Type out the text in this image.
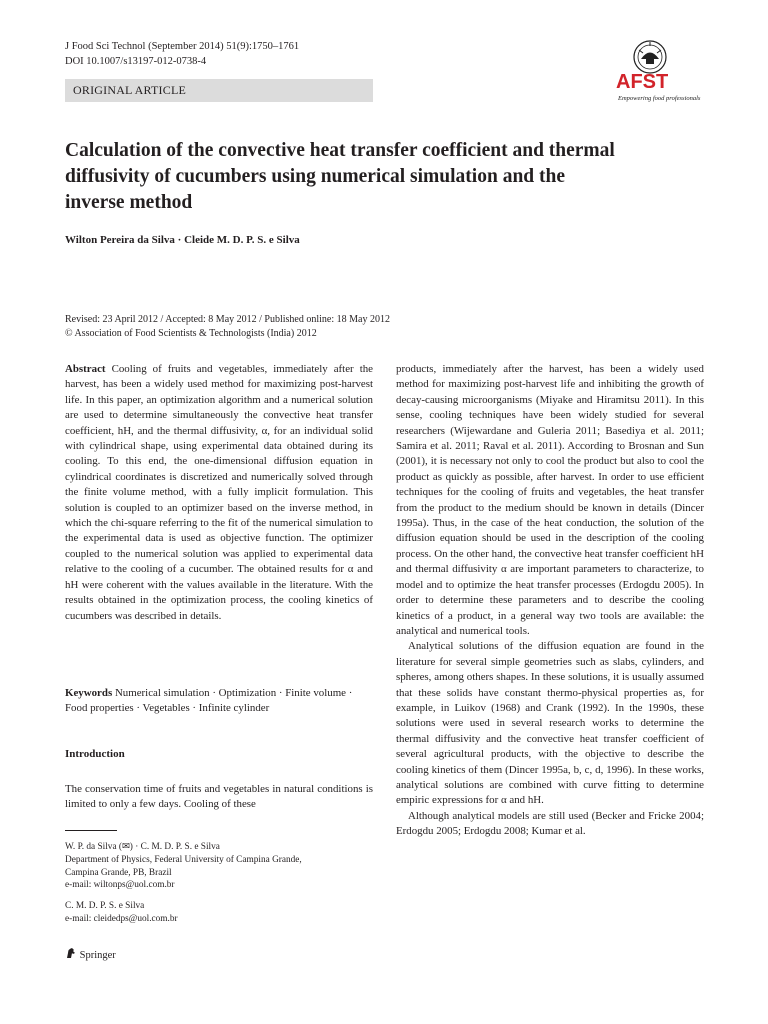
J Food Sci Technol (September 2014) 51(9):1750–1761
DOI 10.1007/s13197-012-0738-4
ORIGINAL ARTICLE	AFST
Empowering food professionals
Calculation of the convective heat transfer coefficient and thermal diffusivity of cucumbers using numerical simulation and the inverse method
Wilton Pereira da Silva · Cleide M. D. P. S. e Silva
Revised: 23 April 2012 / Accepted: 8 May 2012 / Published online: 18 May 2012
© Association of Food Scientists & Technologists (India) 2012
Abstract Cooling of fruits and vegetables, immediately after the harvest, has been a widely used method for maximizing post-harvest life. In this paper, an optimization algorithm and a numerical solution are used to determine simultaneously the convective heat transfer coefficient, hH, and the thermal diffusivity, α, for an individual solid with cylindrical shape, using experimental data obtained during its cooling. To this end, the one-dimensional diffusion equation in cylindrical coordinates is discretized and numerically solved through the finite volume method, with a fully implicit formulation. This solution is coupled to an optimizer based on the inverse method, in which the chi-square referring to the fit of the numerical simulation to the experimental data is used as objective function. The optimizer coupled to the numerical solution was applied to experimental data relative to the cooling of a cucumber. The obtained results for α and hH were coherent with the values available in the literature. With the results obtained in the optimization process, the cooling kinetics of cucumbers was described in details.
Keywords Numerical simulation · Optimization · Finite volume · Food properties · Vegetables · Infinite cylinder
Introduction
The conservation time of fruits and vegetables in natural conditions is limited to only a few days. Cooling of these
W. P. da Silva (✉) · C. M. D. P. S. e Silva
Department of Physics, Federal University of Campina Grande,
Campina Grande, PB, Brazil
e-mail: wiltonps@uol.com.br
C. M. D. P. S. e Silva
e-mail: cleidedps@uol.com.br
Springer

products, immediately after the harvest, has been a widely used method for maximizing post-harvest life and inhibiting the growth of decay-causing microorganisms (Miyake and Hiramitsu 2011). In this sense, cooling techniques have been widely studied for several researchers (Wijewardane and Guleria 2011; Basediya et al. 2011; Samira et al. 2011; Raval et al. 2011). According to Brosnan and Sun (2001), it is necessary not only to cool the product but also to cool the product as quickly as possible, after harvest. In order to use efficient techniques for the cooling of fruits and vegetables, the heat transfer from the product to the medium should be known in details (Dincer 1995a). Thus, in the case of the heat conduction, the solution of the diffusion equation should be used in the description of the cooling process. On the other hand, the convective heat transfer coefficient hH and thermal diffusivity α are important parameters to characterize, to model and to optimize the heat transfer processes (Erdogdu 2005). In order to determine these parameters and to describe the cooling kinetics of a product, in a general way two tools are available: the analytical and numerical tools.

Analytical solutions of the diffusion equation are found in the literature for several simple geometries such as slabs, cylinders, and spheres, among others shapes. In these solutions, it is usually assumed that these solids have constant thermo-physical properties as, for example, in Luikov (1968) and Crank (1992). In the 1990s, these solutions were used in several research works to determine the thermal diffusivity and the convective heat transfer coefficient of several agricultural products, with the objective to describe the cooling kinetics of them (Dincer 1995a, b, c, d, 1996). In these works, analytical solutions are combined with curve fitting to determine empiric expressions for α and hH.

Although analytical models are still used (Becker and Fricke 2004; Erdogdu 2005; Erdogdu 2008; Kumar et al.
